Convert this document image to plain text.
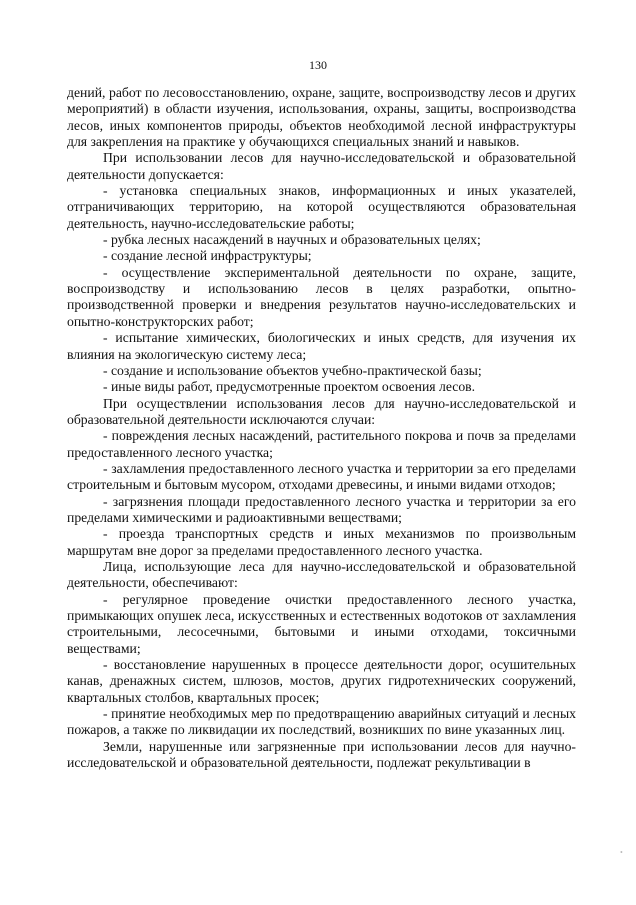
130

дений, работ по лесовосстановлению, охране, защите, воспроизводству лесов и других мероприятий) в области изучения, использования, охраны, защиты, воспроизводства лесов, иных компонентов природы, объектов необходимой лесной инфраструктуры для закрепления на практике у обучающихся специальных знаний и навыков.

При использовании лесов для научно-исследовательской и образовательной деятельности допускается:

- установка специальных знаков, информационных и иных указателей, отграничивающих территорию, на которой осуществляются образовательная деятельность, научно-исследовательские работы;

- рубка лесных насаждений в научных и образовательных целях;

- создание лесной инфраструктуры;

- осуществление экспериментальной деятельности по охране, защите, воспроизводству и использованию лесов в целях разработки, опытно-производственной проверки и внедрения результатов научно-исследовательских и опытно-конструкторских работ;

- испытание химических, биологических и иных средств, для изучения их влияния на экологическую систему леса;

- создание и использование объектов учебно-практической базы;

- иные виды работ, предусмотренные проектом освоения лесов.

При осуществлении использования лесов для научно-исследовательской и образовательной деятельности исключаются случаи:

- повреждения лесных насаждений, растительного покрова и почв за пределами предоставленного лесного участка;

- захламления предоставленного лесного участка и территории за его пределами строительным и бытовым мусором, отходами древесины, и иными видами отходов;

- загрязнения площади предоставленного лесного участка и территории за его пределами химическими и радиоактивными веществами;

- проезда транспортных средств и иных механизмов по произвольным маршрутам вне дорог за пределами предоставленного лесного участка.

Лица, использующие леса для научно-исследовательской и образовательной деятельности, обеспечивают:

- регулярное проведение очистки предоставленного лесного участка, примыкающих опушек леса, искусственных и естественных водотоков от захламления строительными, лесосечными, бытовыми и иными отходами, токсичными веществами;

- восстановление нарушенных в процессе деятельности дорог, осушительных канав, дренажных систем, шлюзов, мостов, других гидротехнических сооружений, квартальных столбов, квартальных просек;

- принятие необходимых мер по предотвращению аварийных ситуаций и лесных пожаров, а также по ликвидации их последствий, возникших по вине указанных лиц.

Земли, нарушенные или загрязненные при использовании лесов для научно-исследовательской и образовательной деятельности, подлежат рекультивации в

•
